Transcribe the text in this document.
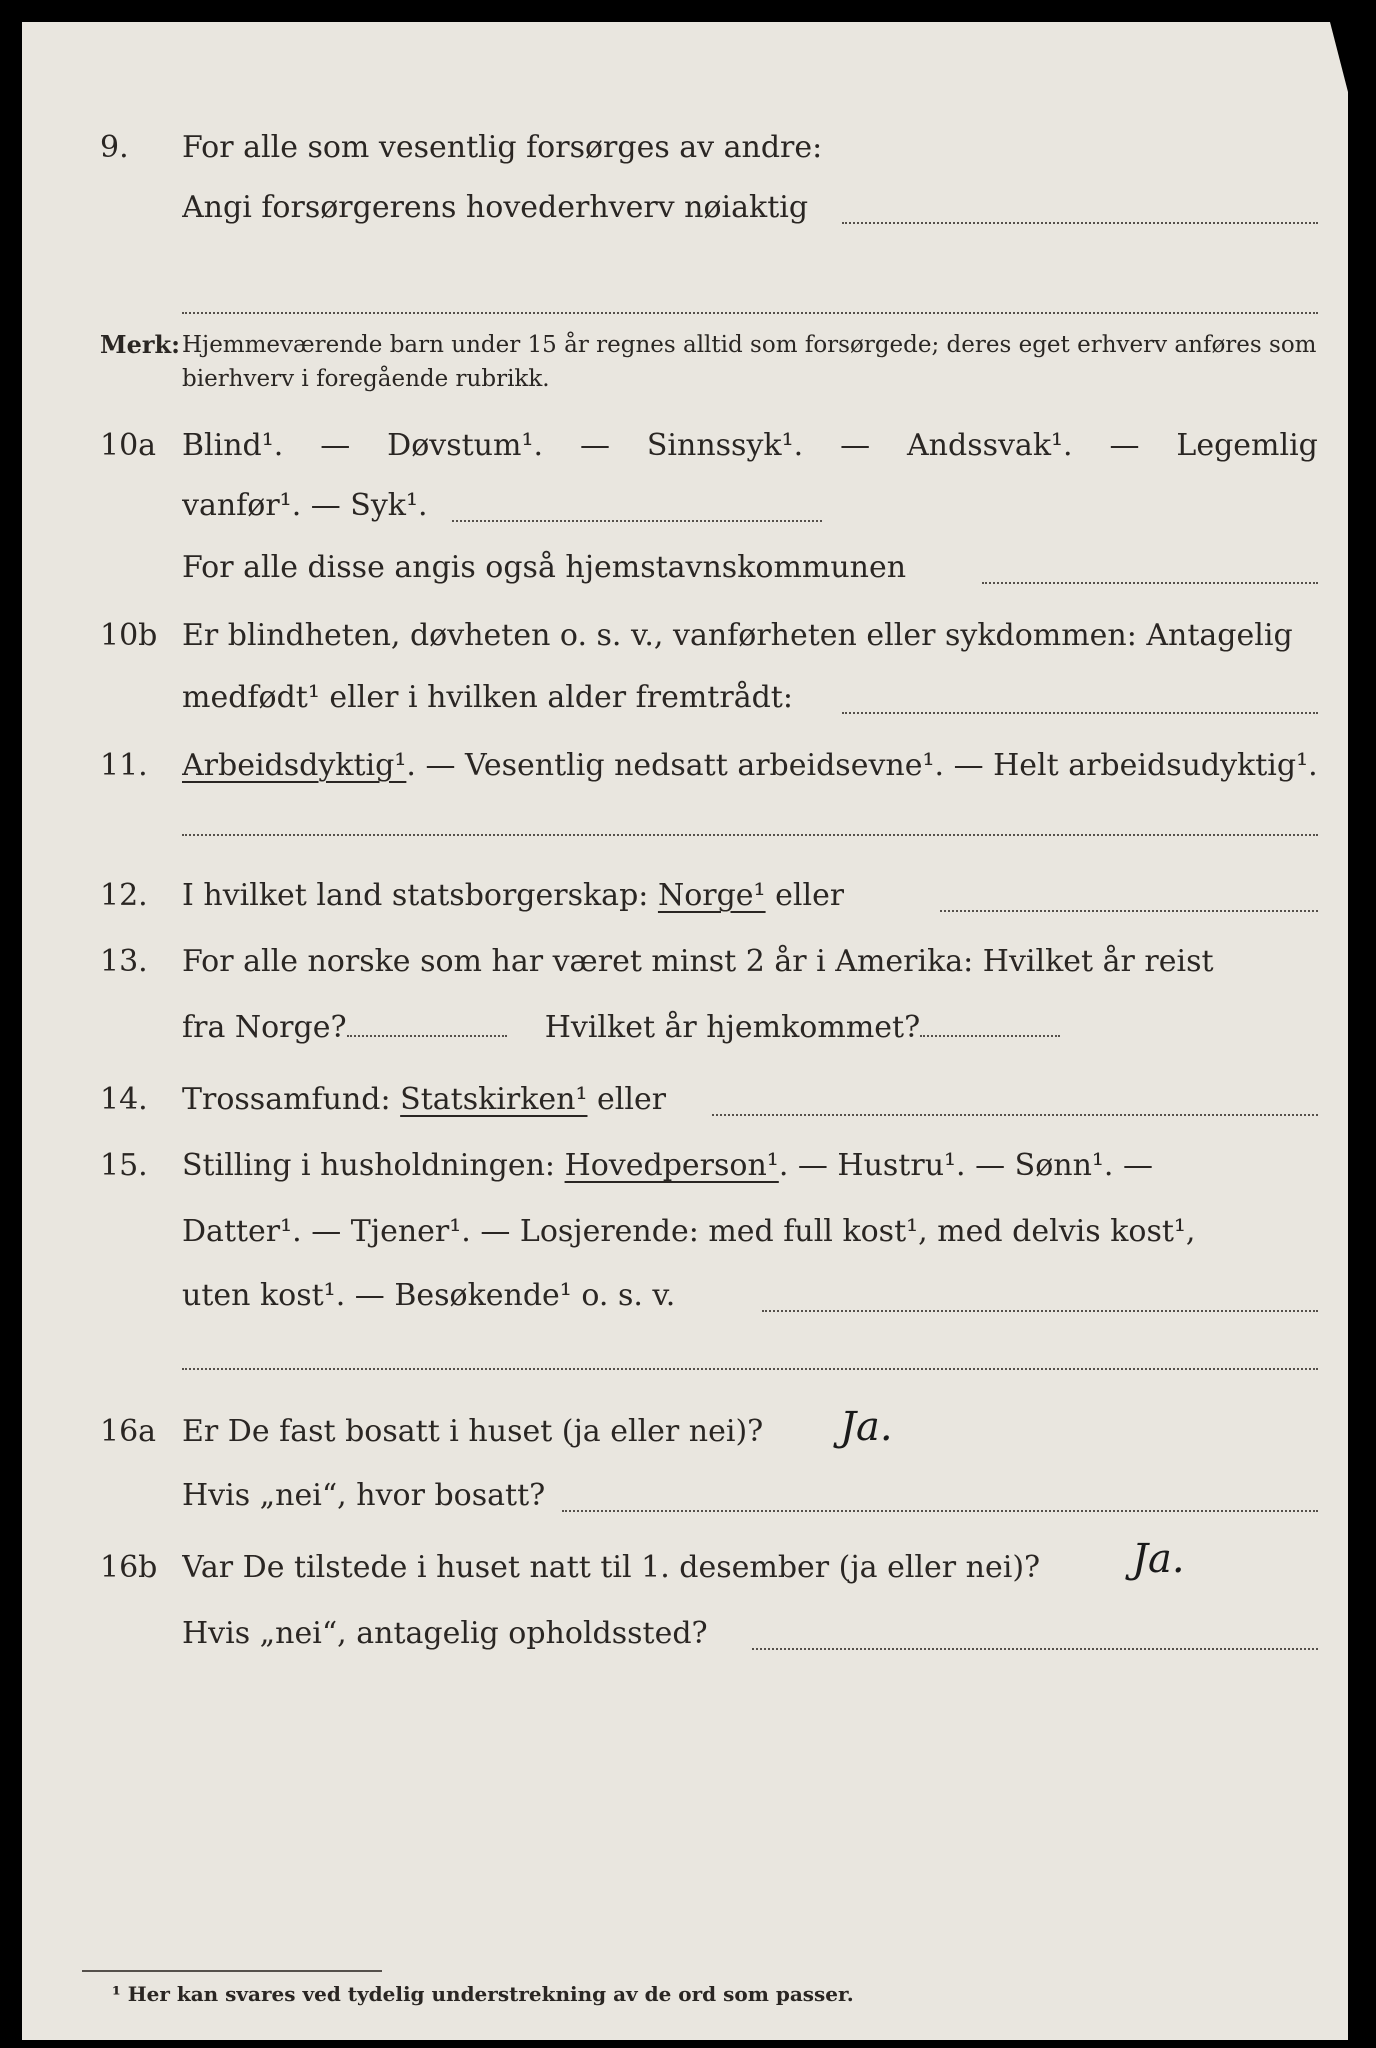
9. For alle som vesentlig forsørges av andre:
Angi forsørgerens hovederhverv nøiaktig
Merk: Hjemmeværende barn under 15 år regnes alltid som forsørgede; deres eget erhverv anføres som bierhverv i foregående rubrikk.
10a Blind¹. — Døvstum¹. — Sinnssyk¹. — Andssvak¹. — Legemlig
vanfør¹. — Syk¹.
For alle disse angis også hjemstavnskommunen
10b Er blindheten, døvheten o. s. v., vanførheten eller sykdommen: Antagelig
medfødt¹ eller i hvilken alder fremtrådt:
11. Arbeidsdyktig¹. — Vesentlig nedsatt arbeidsevne¹. — Helt arbeidsudyktig¹.
12. I hvilket land statsborgerskap: Norge¹ eller
13. For alle norske som har været minst 2 år i Amerika: Hvilket år reist
fra Norge?	Hvilket år hjemkommet?
14. Trossamfund: Statskirken¹ eller
15. Stilling i husholdningen: Hovedperson¹. — Hustru¹. — Sønn¹. —
Datter¹. — Tjener¹. — Losjerende: med full kost¹, med delvis kost¹,
uten kost¹. — Besøkende¹ o. s. v.
16a Er De fast bosatt i huset (ja eller nei)? Ja.
Hvis „nei“, hvor bosatt?
16b Var De tilstede i huset natt til 1. desember (ja eller nei)? Ja.
Hvis „nei“, antagelig opholdssted?
¹ Her kan svares ved tydelig understrekning av de ord som passer.
